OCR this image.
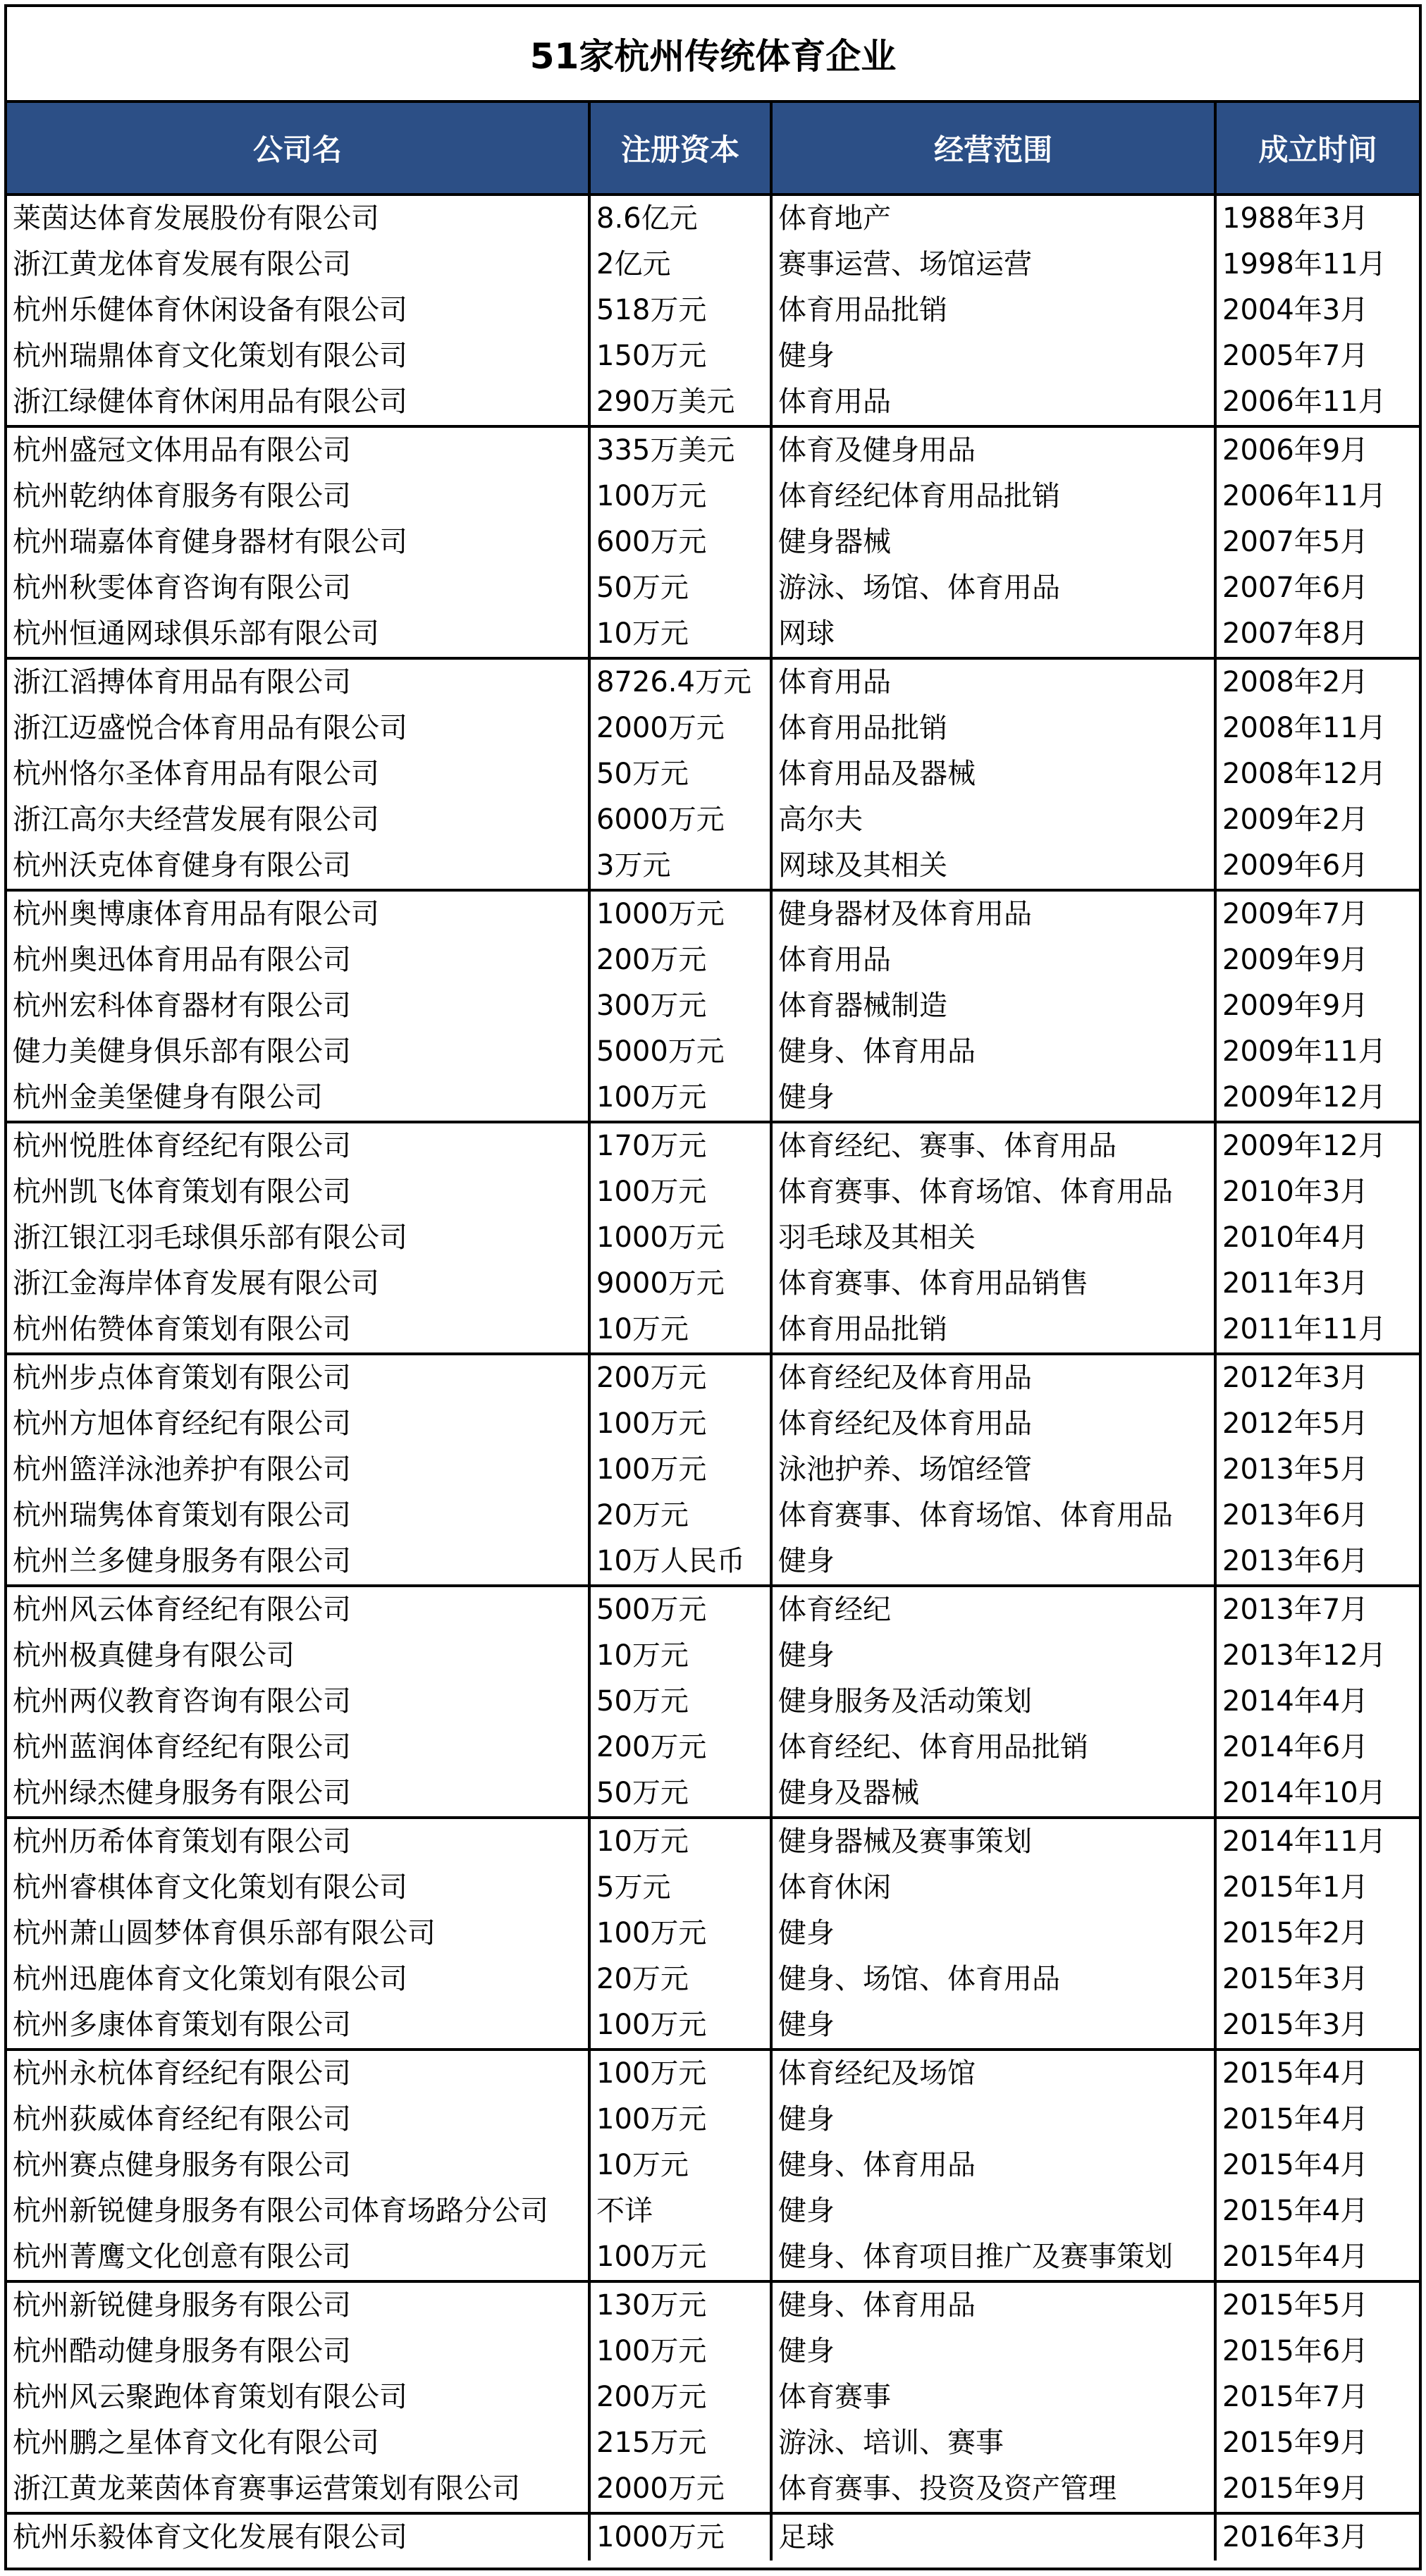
51家杭州传统体育企业
公司名	注册资本	经营范围	成立时间
莱茵达体育发展股份有限公司	8.6亿元	体育地产	1988年3月
浙江黄龙体育发展有限公司	2亿元	赛事运营、场馆运营	1998年11月
杭州乐健体育休闲设备有限公司	518万元	体育用品批销	2004年3月
杭州瑞鼎体育文化策划有限公司	150万元	健身	2005年7月
浙江绿健体育休闲用品有限公司	290万美元	体育用品	2006年11月
杭州盛冠文体用品有限公司	335万美元	体育及健身用品	2006年9月
杭州乾纳体育服务有限公司	100万元	体育经纪体育用品批销	2006年11月
杭州瑞嘉体育健身器材有限公司	600万元	健身器械	2007年5月
杭州秋雯体育咨询有限公司	50万元	游泳、场馆、体育用品	2007年6月
杭州恒通网球俱乐部有限公司	10万元	网球	2007年8月
浙江滔搏体育用品有限公司	8726.4万元	体育用品	2008年2月
浙江迈盛悦合体育用品有限公司	2000万元	体育用品批销	2008年11月
杭州恪尔圣体育用品有限公司	50万元	体育用品及器械	2008年12月
浙江高尔夫经营发展有限公司	6000万元	高尔夫	2009年2月
杭州沃克体育健身有限公司	3万元	网球及其相关	2009年6月
杭州奥博康体育用品有限公司	1000万元	健身器材及体育用品	2009年7月
杭州奥迅体育用品有限公司	200万元	体育用品	2009年9月
杭州宏科体育器材有限公司	300万元	体育器械制造	2009年9月
健力美健身俱乐部有限公司	5000万元	健身、体育用品	2009年11月
杭州金美堡健身有限公司	100万元	健身	2009年12月
杭州悦胜体育经纪有限公司	170万元	体育经纪、赛事、体育用品	2009年12月
杭州凯飞体育策划有限公司	100万元	体育赛事、体育场馆、体育用品	2010年3月
浙江银江羽毛球俱乐部有限公司	1000万元	羽毛球及其相关	2010年4月
浙江金海岸体育发展有限公司	9000万元	体育赛事、体育用品销售	2011年3月
杭州佑赞体育策划有限公司	10万元	体育用品批销	2011年11月
杭州步点体育策划有限公司	200万元	体育经纪及体育用品	2012年3月
杭州方旭体育经纪有限公司	100万元	体育经纪及体育用品	2012年5月
杭州篮洋泳池养护有限公司	100万元	泳池护养、场馆经管	2013年5月
杭州瑞隽体育策划有限公司	20万元	体育赛事、体育场馆、体育用品	2013年6月
杭州兰多健身服务有限公司	10万人民币	健身	2013年6月
杭州风云体育经纪有限公司	500万元	体育经纪	2013年7月
杭州极真健身有限公司	10万元	健身	2013年12月
杭州两仪教育咨询有限公司	50万元	健身服务及活动策划	2014年4月
杭州蓝润体育经纪有限公司	200万元	体育经纪、体育用品批销	2014年6月
杭州绿杰健身服务有限公司	50万元	健身及器械	2014年10月
杭州历希体育策划有限公司	10万元	健身器械及赛事策划	2014年11月
杭州睿棋体育文化策划有限公司	5万元	体育休闲	2015年1月
杭州萧山圆梦体育俱乐部有限公司	100万元	健身	2015年2月
杭州迅鹿体育文化策划有限公司	20万元	健身、场馆、体育用品	2015年3月
杭州多康体育策划有限公司	100万元	健身	2015年3月
杭州永杭体育经纪有限公司	100万元	体育经纪及场馆	2015年4月
杭州荻威体育经纪有限公司	100万元	健身	2015年4月
杭州赛点健身服务有限公司	10万元	健身、体育用品	2015年4月
杭州新锐健身服务有限公司体育场路分公司	不详	健身	2015年4月
杭州菁鹰文化创意有限公司	100万元	健身、体育项目推广及赛事策划	2015年4月
杭州新锐健身服务有限公司	130万元	健身、体育用品	2015年5月
杭州酷动健身服务有限公司	100万元	健身	2015年6月
杭州风云聚跑体育策划有限公司	200万元	体育赛事	2015年7月
杭州鹏之星体育文化有限公司	215万元	游泳、培训、赛事	2015年9月
浙江黄龙莱茵体育赛事运营策划有限公司	2000万元	体育赛事、投资及资产管理	2015年9月
杭州乐毅体育文化发展有限公司	1000万元	足球	2016年3月
